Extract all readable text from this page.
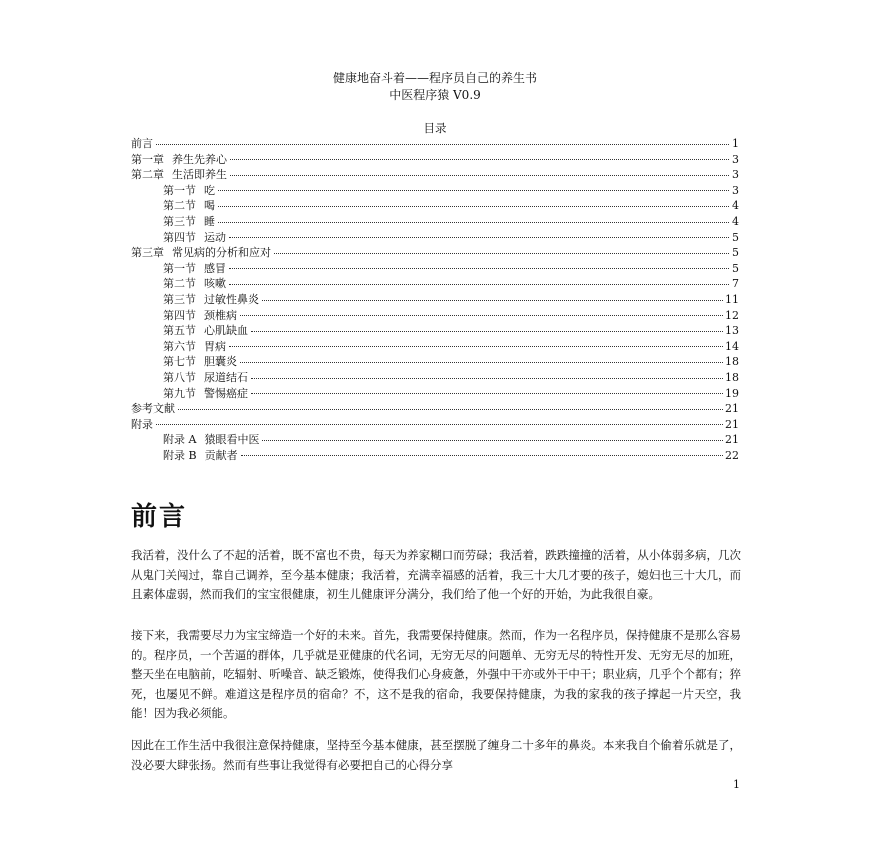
健康地奋斗着——程序员自己的养生书
中医程序猿 V0.9
目录
前言	1
第一章 养生先养心	3
第二章 生活即养生	3
第一节 吃	3
第二节 喝	4
第三节 睡	4
第四节 运动	5
第三章 常见病的分析和应对	5
第一节 感冒	5
第二节 咳嗽	7
第三节 过敏性鼻炎	11
第四节 颈椎病	12
第五节 心肌缺血	13
第六节 胃病	14
第七节 胆囊炎	18
第八节 尿道结石	18
第九节 警惕癌症	19
参考文献	21
附录	21
附录 A 猿眼看中医	21
附录 B 贡献者	22
前言

我活着，没什么了不起的活着，既不富也不贵，每天为养家糊口而劳碌；我活着，跌跌撞撞的活着，从小体弱多病，几次从鬼门关闯过，靠自己调养，至今基本健康；我活着，充满幸福感的活着，我三十大几才要的孩子，媳妇也三十大几，而且素体虚弱，然而我们的宝宝很健康，初生儿健康评分满分，我们给了他一个好的开始，为此我很自豪。

接下来，我需要尽力为宝宝缔造一个好的未来。首先，我需要保持健康。然而，作为一名程序员，保持健康不是那么容易的。程序员，一个苦逼的群体，几乎就是亚健康的代名词，无穷无尽的问题单、无穷无尽的特性开发、无穷无尽的加班，整天坐在电脑前，吃辐射、听噪音、缺乏锻炼，使得我们心身疲惫，外强中干亦或外干中干；职业病，几乎个个都有；猝死，也屡见不鲜。难道这是程序员的宿命？不，这不是我的宿命，我要保持健康，为我的家我的孩子撑起一片天空，我能！因为我必须能。

因此在工作生活中我很注意保持健康，坚持至今基本健康，甚至摆脱了缠身二十多年的鼻炎。本来我自个偷着乐就是了，没必要大肆张扬。然而有些事让我觉得有必要把自己的心得分享

1
